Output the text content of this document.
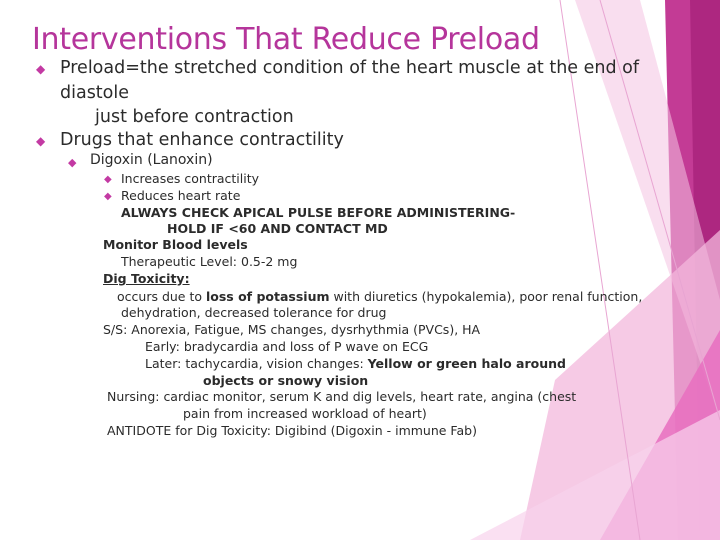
Interventions That Reduce Preload
◆ Preload=the stretched condition of the heart muscle at the end of
diastole
just before contraction
◆ Drugs that enhance contractility
◆ Digoxin (Lanoxin)
◆ Increases contractility
◆ Reduces heart rate
ALWAYS CHECK APICAL PULSE BEFORE ADMINISTERING-
HOLD IF <60 AND CONTACT MD
Monitor Blood levels
Therapeutic Level: 0.5-2 mg
Dig Toxicity:
occurs due to loss of potassium with diuretics (hypokalemia), poor renal function,
dehydration, decreased tolerance for drug
S/S: Anorexia, Fatigue, MS changes, dysrhythmia (PVCs), HA
Early: bradycardia and loss of P wave on ECG
Later: tachycardia, vision changes: Yellow or green halo around
objects or snowy vision
Nursing: cardiac monitor, serum K and dig levels, heart rate, angina (chest
pain from increased workload of heart)
ANTIDOTE for Dig Toxicity: Digibind (Digoxin - immune Fab)
